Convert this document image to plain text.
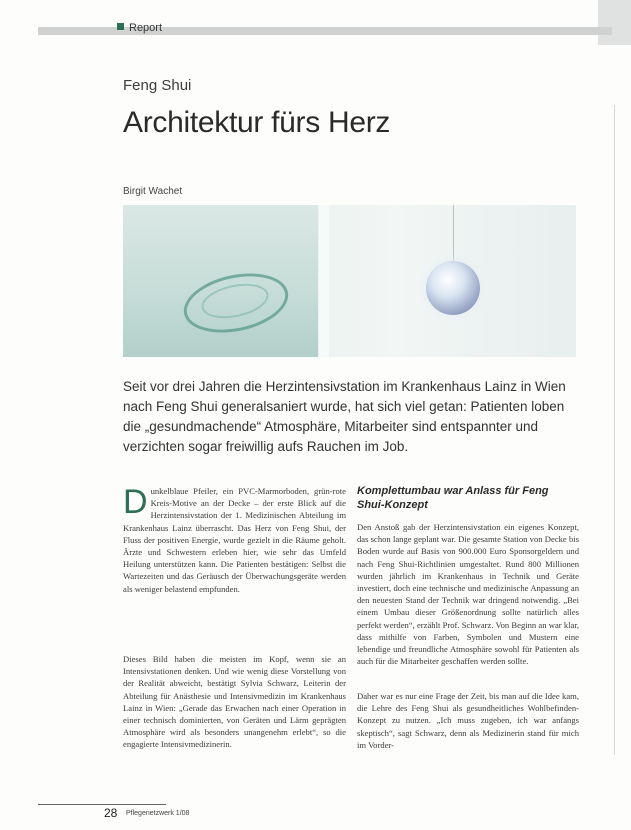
Report
Feng Shui
Architektur fürs Herz
Birgit Wachet
Seit vor drei Jahren die Herzintensivstation im Krankenhaus Lainz in Wien nach Feng Shui generalsaniert wurde, hat sich viel getan: Patienten loben die „gesundmachende“ Atmosphäre, Mitarbeiter sind entspannter und verzichten sogar freiwillig aufs Rauchen im Job.
D unkelblaue Pfeiler, ein PVC-Marmorboden, grün-rote Kreis-Motive an der Decke – der erste Blick auf die Herzintensivstation der 1. Medizinischen Abteilung im Krankenhaus Lainz überrascht. Das Herz von Feng Shui, der Fluss der positiven Energie, wurde gezielt in die Räume geholt. Ärzte und Schwestern erleben hier, wie sehr das Umfeld Heilung unterstützen kann. Die Patienten bestätigen: Selbst die Wartezeiten und das Geräusch der Überwachungsgeräte werden als weniger belastend empfunden.
Dieses Bild haben die meisten im Kopf, wenn sie an Intensivstationen denken. Und wie wenig diese Vorstellung von der Realität abweicht, bestätigt Sylvia Schwarz, Leiterin der Abteilung für Anästhesie und Intensivmedizin im Krankenhaus Lainz in Wien: „Gerade das Erwachen nach einer Operation in einer technisch dominierten, von Geräten und Lärm geprägten Atmosphäre wird als besonders unangenehm erlebt“, so die engagierte Intensivmedizinerin.
Komplettumbau war Anlass für Feng Shui-Konzept
Den Anstoß gab der Herzintensivstation ein eigenes Konzept, das schon lange geplant war. Die gesamte Station von Decke bis Boden wurde auf Basis von 900.000 Euro Sponsorgeldern und nach Feng Shui-Richtlinien umgestaltet. Rund 800 Millionen wurden jährlich im Krankenhaus in Technik und Geräte investiert, doch eine technische und medizinische Anpassung an den neuesten Stand der Technik war dringend notwendig. „Bei einem Umbau dieser Größenordnung sollte natürlich alles perfekt werden“, erzählt Prof. Schwarz. Von Beginn an war klar, dass mithilfe von Farben, Symbolen und Mustern eine lebendige und freundliche Atmosphäre sowohl für Patienten als auch für die Mitarbeiter geschaffen werden sollte.
Daher war es nur eine Frage der Zeit, bis man auf die Idee kam, die Lehre des Feng Shui als gesundheitliches Wohlbefinden-Konzept zu nutzen. „Ich muss zugeben, ich war anfangs skeptisch“, sagt Schwarz, denn als Medizinerin stand für mich im Vorder-
28 Pflegenetzwerk 1/08
